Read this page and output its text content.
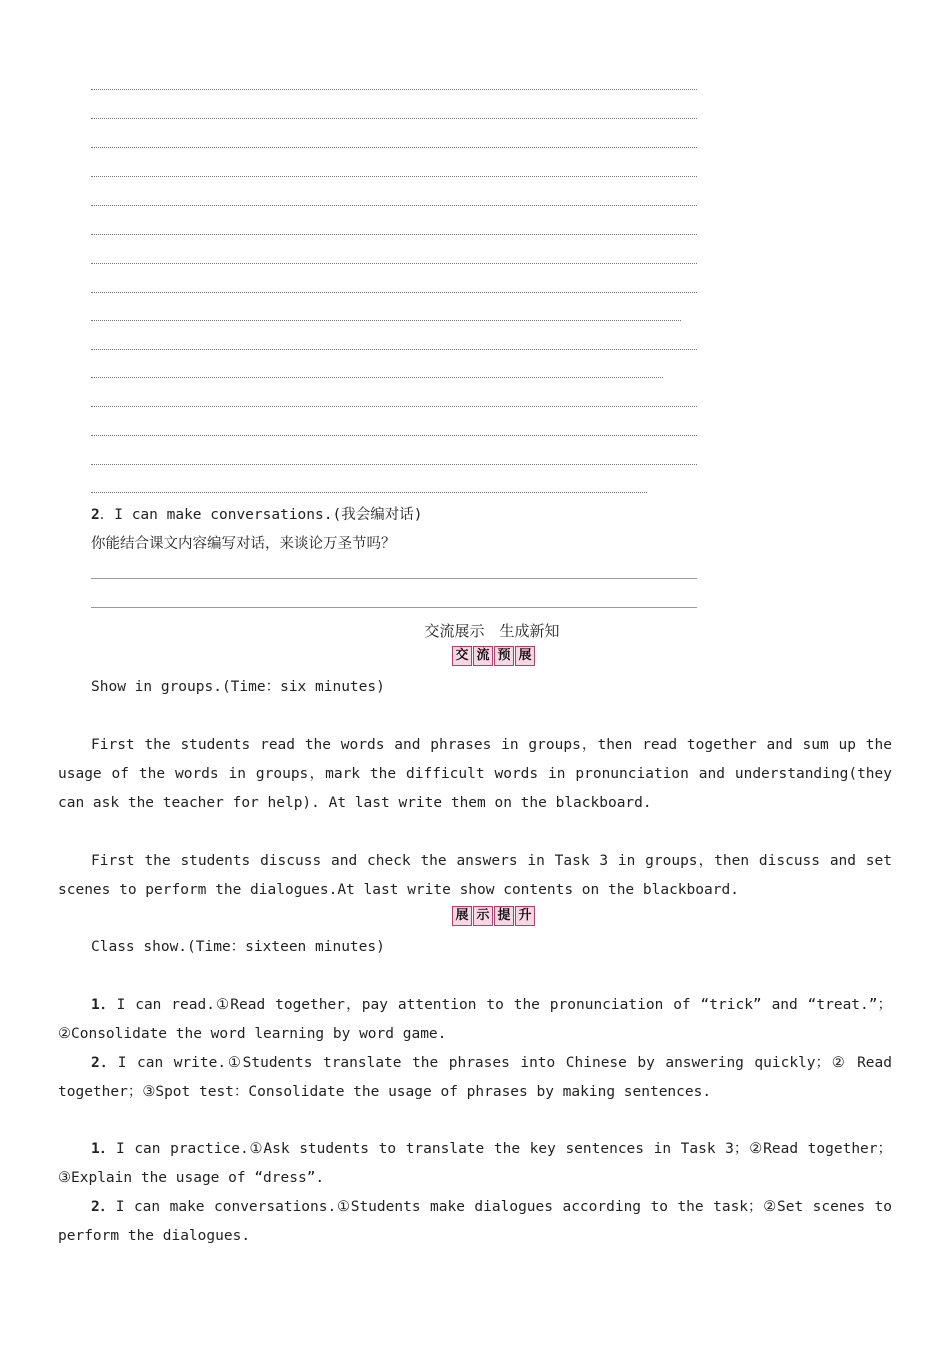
2．I can make conversations.(我会编对话)
你能结合课文内容编写对话，来谈论万圣节吗？
交流展示　生成新知
交 流 预 展
Show in groups.(Time：six minutes)
First the students read the words and phrases in groups，then read together and sum up the usage of the words in groups，mark the difficult words in pronunciation and understanding(they can ask the teacher for help). At last write them on the blackboard.
First the students discuss and check the answers in Task 3 in groups，then discuss and set scenes to perform the dialogues.At last write show contents on the blackboard.
展 示 提 升
Class show.(Time：sixteen minutes)
1．I can read.①Read together，pay attention to the pronunciation of “trick” and “treat.”；②Consolidate the word learning by word game.
2．I can write.①Students translate the phrases into Chinese by answering quickly；② Read together；③Spot test：Consolidate the usage of phrases by making sentences.
1．I can practice.①Ask students to translate the key sentences in Task 3；②Read together；③Explain the usage of “dress”.
2．I can make conversations.①Students make dialogues according to the task；②Set scenes to perform the dialogues.
